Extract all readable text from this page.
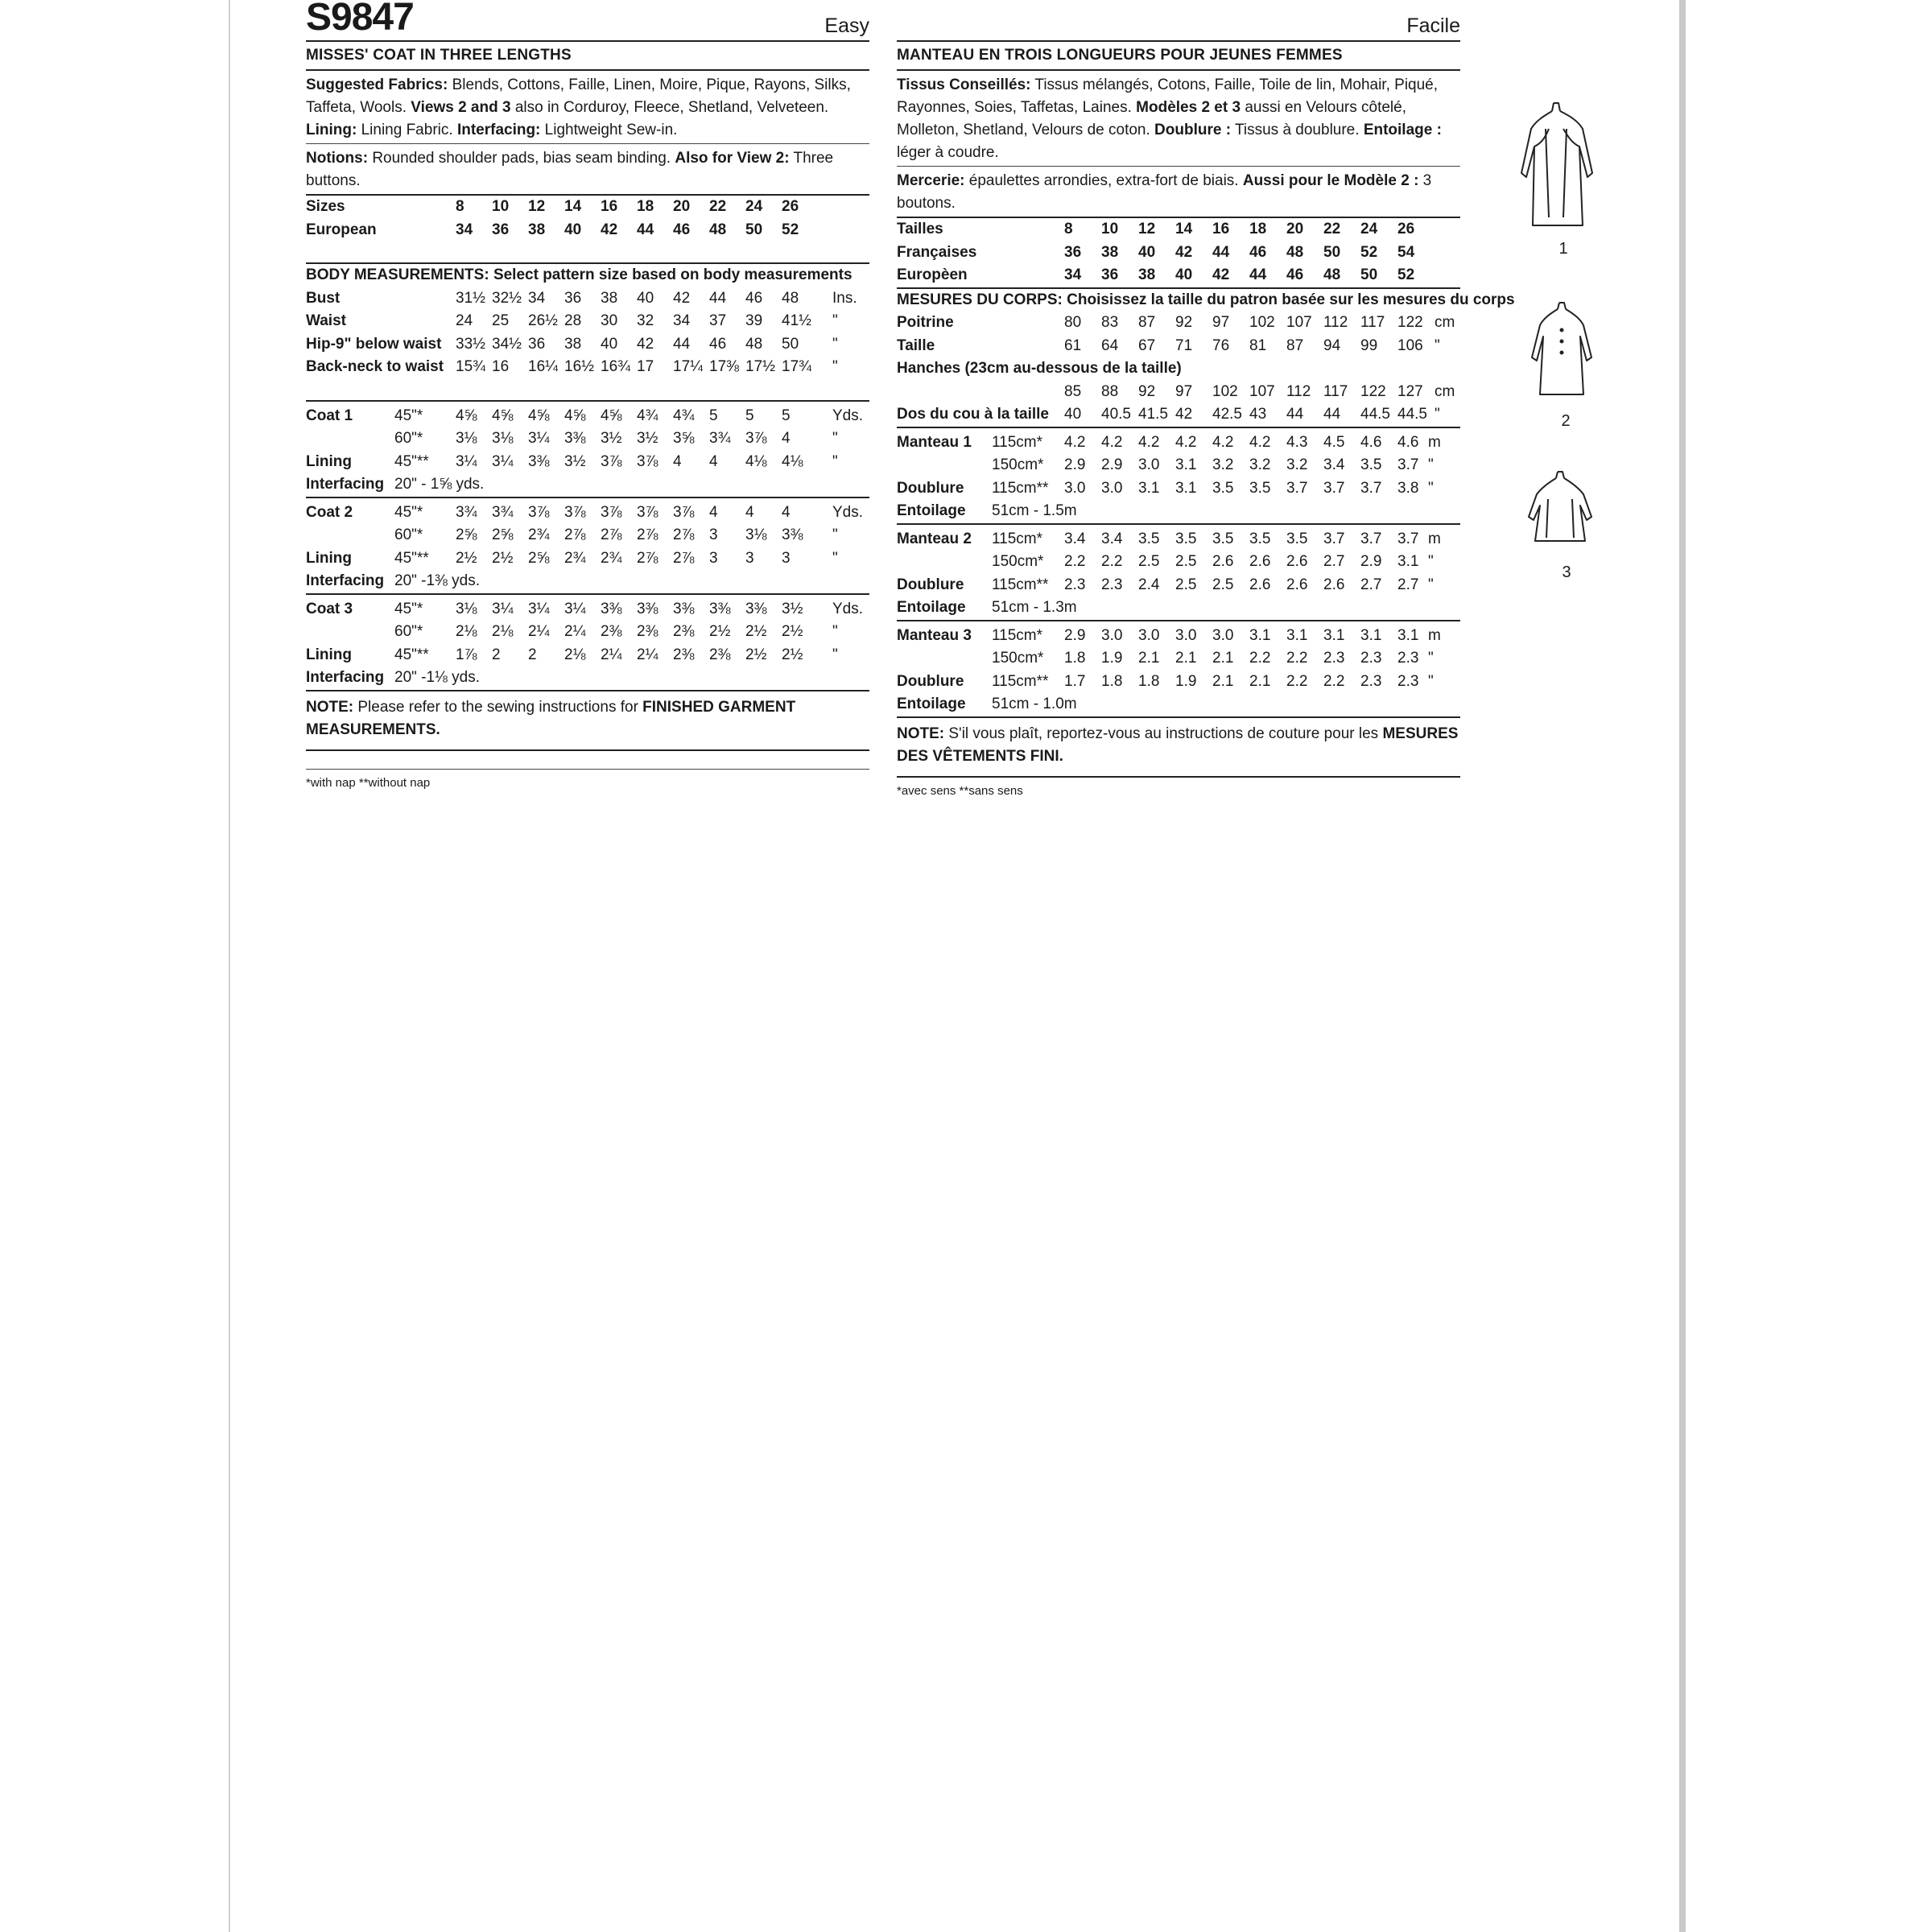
S9847	Easy
MISSES' COAT IN THREE LENGTHS
Suggested Fabrics: Blends, Cottons, Faille, Linen, Moire, Pique, Rayons, Silks, Taffeta, Wools. Views 2 and 3 also in Corduroy, Fleece, Shetland, Velveteen. Lining: Lining Fabric. Interfacing: Lightweight Sew-in.
Notions: Rounded shoulder pads, bias seam binding. Also for View 2: Three buttons.
Sizes	8 10 12 14 16 18 20 22 24 26
European	34 36 38 40 42 44 46 48 50 52
BODY MEASUREMENTS: Select pattern size based on body measurements
Bust	31½ 32½ 34 36 38 40 42 44 46 48 Ins.
Waist	24 25 26½ 28 30 32 34 37 39 41½ "
Hip-9" below waist 33½ 34½ 36 38 40 42 44 46 48 50 "
Back-neck to waist 15¾ 16 16¼ 16½ 16¾ 17 17¼ 17⅜ 17½ 17¾ "
Coat 1	45"* 4⅝ 4⅝ 4⅝ 4⅝ 4⅝ 4¾ 4¾ 5 5 5	Yds.
60"* 3⅛ 3⅛ 3¼ 3⅜ 3½ 3½ 3⅝ 3¾ 3⅞ 4	"
Lining	45"** 3¼ 3¼ 3⅜ 3½ 3⅞ 3⅞ 4 4 4⅛ 4⅛ "
Interfacing 20" - 1⅝ yds.
Coat 2	45"* 3¾ 3¾ 3⅞ 3⅞ 3⅞ 3⅞ 3⅞ 4 4 4	Yds.
60"* 2⅝ 2⅝ 2¾ 2⅞ 2⅞ 2⅞ 2⅞ 3 3⅛ 3⅜ "
Lining	45"** 2½ 2½ 2⅝ 2¾ 2¾ 2⅞ 2⅞ 3 3 3	"
Interfacing 20" -1⅜ yds.
Coat 3	45"* 3⅛ 3¼ 3¼ 3¼ 3⅜ 3⅜ 3⅜ 3⅜ 3⅜ 3½ Yds.
60"* 2⅛ 2⅛ 2¼ 2¼ 2⅜ 2⅜ 2⅜ 2½ 2½ 2½ "
Lining	45"** 1⅞ 2 2 2⅛ 2¼ 2¼ 2⅜ 2⅜ 2½ 2½ "
Interfacing 20" -1⅛ yds.
NOTE: Please refer to the sewing instructions for FINISHED GARMENT MEASUREMENTS.
*with nap **without nap
Facile
MANTEAU EN TROIS LONGUEURS POUR JEUNES FEMMES
Tissus Conseillés: Tissus mélangés, Cotons, Faille, Toile de lin, Mohair, Piqué, Rayonnes, Soies, Taffetas, Laines. Modèles 2 et 3 aussi en Velours côtelé, Molleton, Shetland, Velours de coton. Doublure : Tissus à doublure. Entoilage : léger à coudre.
Mercerie: épaulettes arrondies, extra-fort de biais. Aussi pour le Modèle 2 : 3 boutons.
Tailles	8 10 12 14 16 18 20 22 24 26
Françaises	36 38 40 42 44 46 48 50 52 54
Europèen	34 36 38 40 42 44 46 48 50 52
MESURES DU CORPS: Choisissez la taille du patron basée sur les mesures du corps
Poitrine	80 83 87 92 97 102 107 112 117 122 cm
Taille	61 64 67 71 76 81 87 94 99 106 "
Hanches (23cm au-dessous de la taille)
85 88 92 97 102 107 112 117 122 127 cm
Dos du cou à la taille 40 40.5 41.5 42 42.5 43 44 44 44.5 44.5 "
Manteau 1 115cm* 4.2 4.2 4.2 4.2 4.2 4.2 4.3 4.5 4.6 4.6 m
150cm* 2.9 2.9 3.0 3.1 3.2 3.2 3.2 3.4 3.5 3.7 "
Doublure 115cm** 3.0 3.0 3.1 3.1 3.5 3.5 3.7 3.7 3.7 3.8 "
Entoilage 51cm - 1.5m
Manteau 2 115cm* 3.4 3.4 3.5 3.5 3.5 3.5 3.5 3.7 3.7 3.7 m
150cm* 2.2 2.2 2.5 2.5 2.6 2.6 2.6 2.7 2.9 3.1 "
Doublure 115cm** 2.3 2.3 2.4 2.5 2.5 2.6 2.6 2.6 2.7 2.7 "
Entoilage 51cm - 1.3m
Manteau 3 115cm* 2.9 3.0 3.0 3.0 3.0 3.1 3.1 3.1 3.1 3.1 m
150cm* 1.8 1.9 2.1 2.1 2.1 2.2 2.2 2.3 2.3 2.3 "
Doublure 115cm** 1.7 1.8 1.8 1.9 2.1 2.1 2.2 2.2 2.3 2.3 "
Entoilage 51cm - 1.0m
NOTE: S'il vous plaît, reportez-vous au instructions de couture pour les MESURES DES VÊTEMENTS FINI.
*avec sens **sans sens
1
2
3
